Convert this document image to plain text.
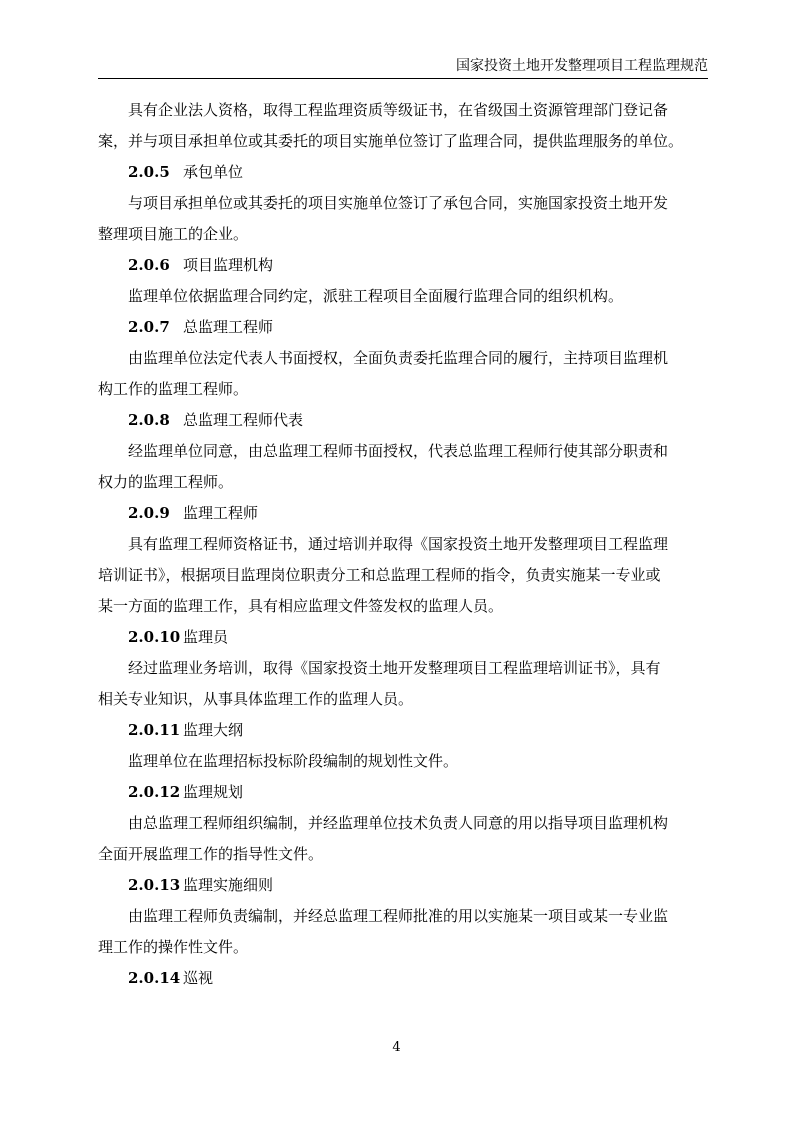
国家投资土地开发整理项目工程监理规范
具有企业法人资格，取得工程监理资质等级证书，在省级国土资源管理部门登记备
案，并与项目承担单位或其委托的项目实施单位签订了监理合同，提供监理服务的单位。
2.0.5 承包单位
与项目承担单位或其委托的项目实施单位签订了承包合同，实施国家投资土地开发
整理项目施工的企业。
2.0.6 项目监理机构
监理单位依据监理合同约定，派驻工程项目全面履行监理合同的组织机构。
2.0.7 总监理工程师
由监理单位法定代表人书面授权，全面负责委托监理合同的履行，主持项目监理机
构工作的监理工程师。
2.0.8 总监理工程师代表
经监理单位同意，由总监理工程师书面授权，代表总监理工程师行使其部分职责和
权力的监理工程师。
2.0.9 监理工程师
具有监理工程师资格证书，通过培训并取得《国家投资土地开发整理项目工程监理
培训证书》，根据项目监理岗位职责分工和总监理工程师的指令，负责实施某一专业或
某一方面的监理工作，具有相应监理文件签发权的监理人员。
2.0.10 监理员
经过监理业务培训，取得《国家投资土地开发整理项目工程监理培训证书》，具有
相关专业知识，从事具体监理工作的监理人员。
2.0.11 监理大纲
监理单位在监理招标投标阶段编制的规划性文件。
2.0.12 监理规划
由总监理工程师组织编制，并经监理单位技术负责人同意的用以指导项目监理机构
全面开展监理工作的指导性文件。
2.0.13 监理实施细则
由监理工程师负责编制，并经总监理工程师批准的用以实施某一项目或某一专业监
理工作的操作性文件。
2.0.14 巡视
4
